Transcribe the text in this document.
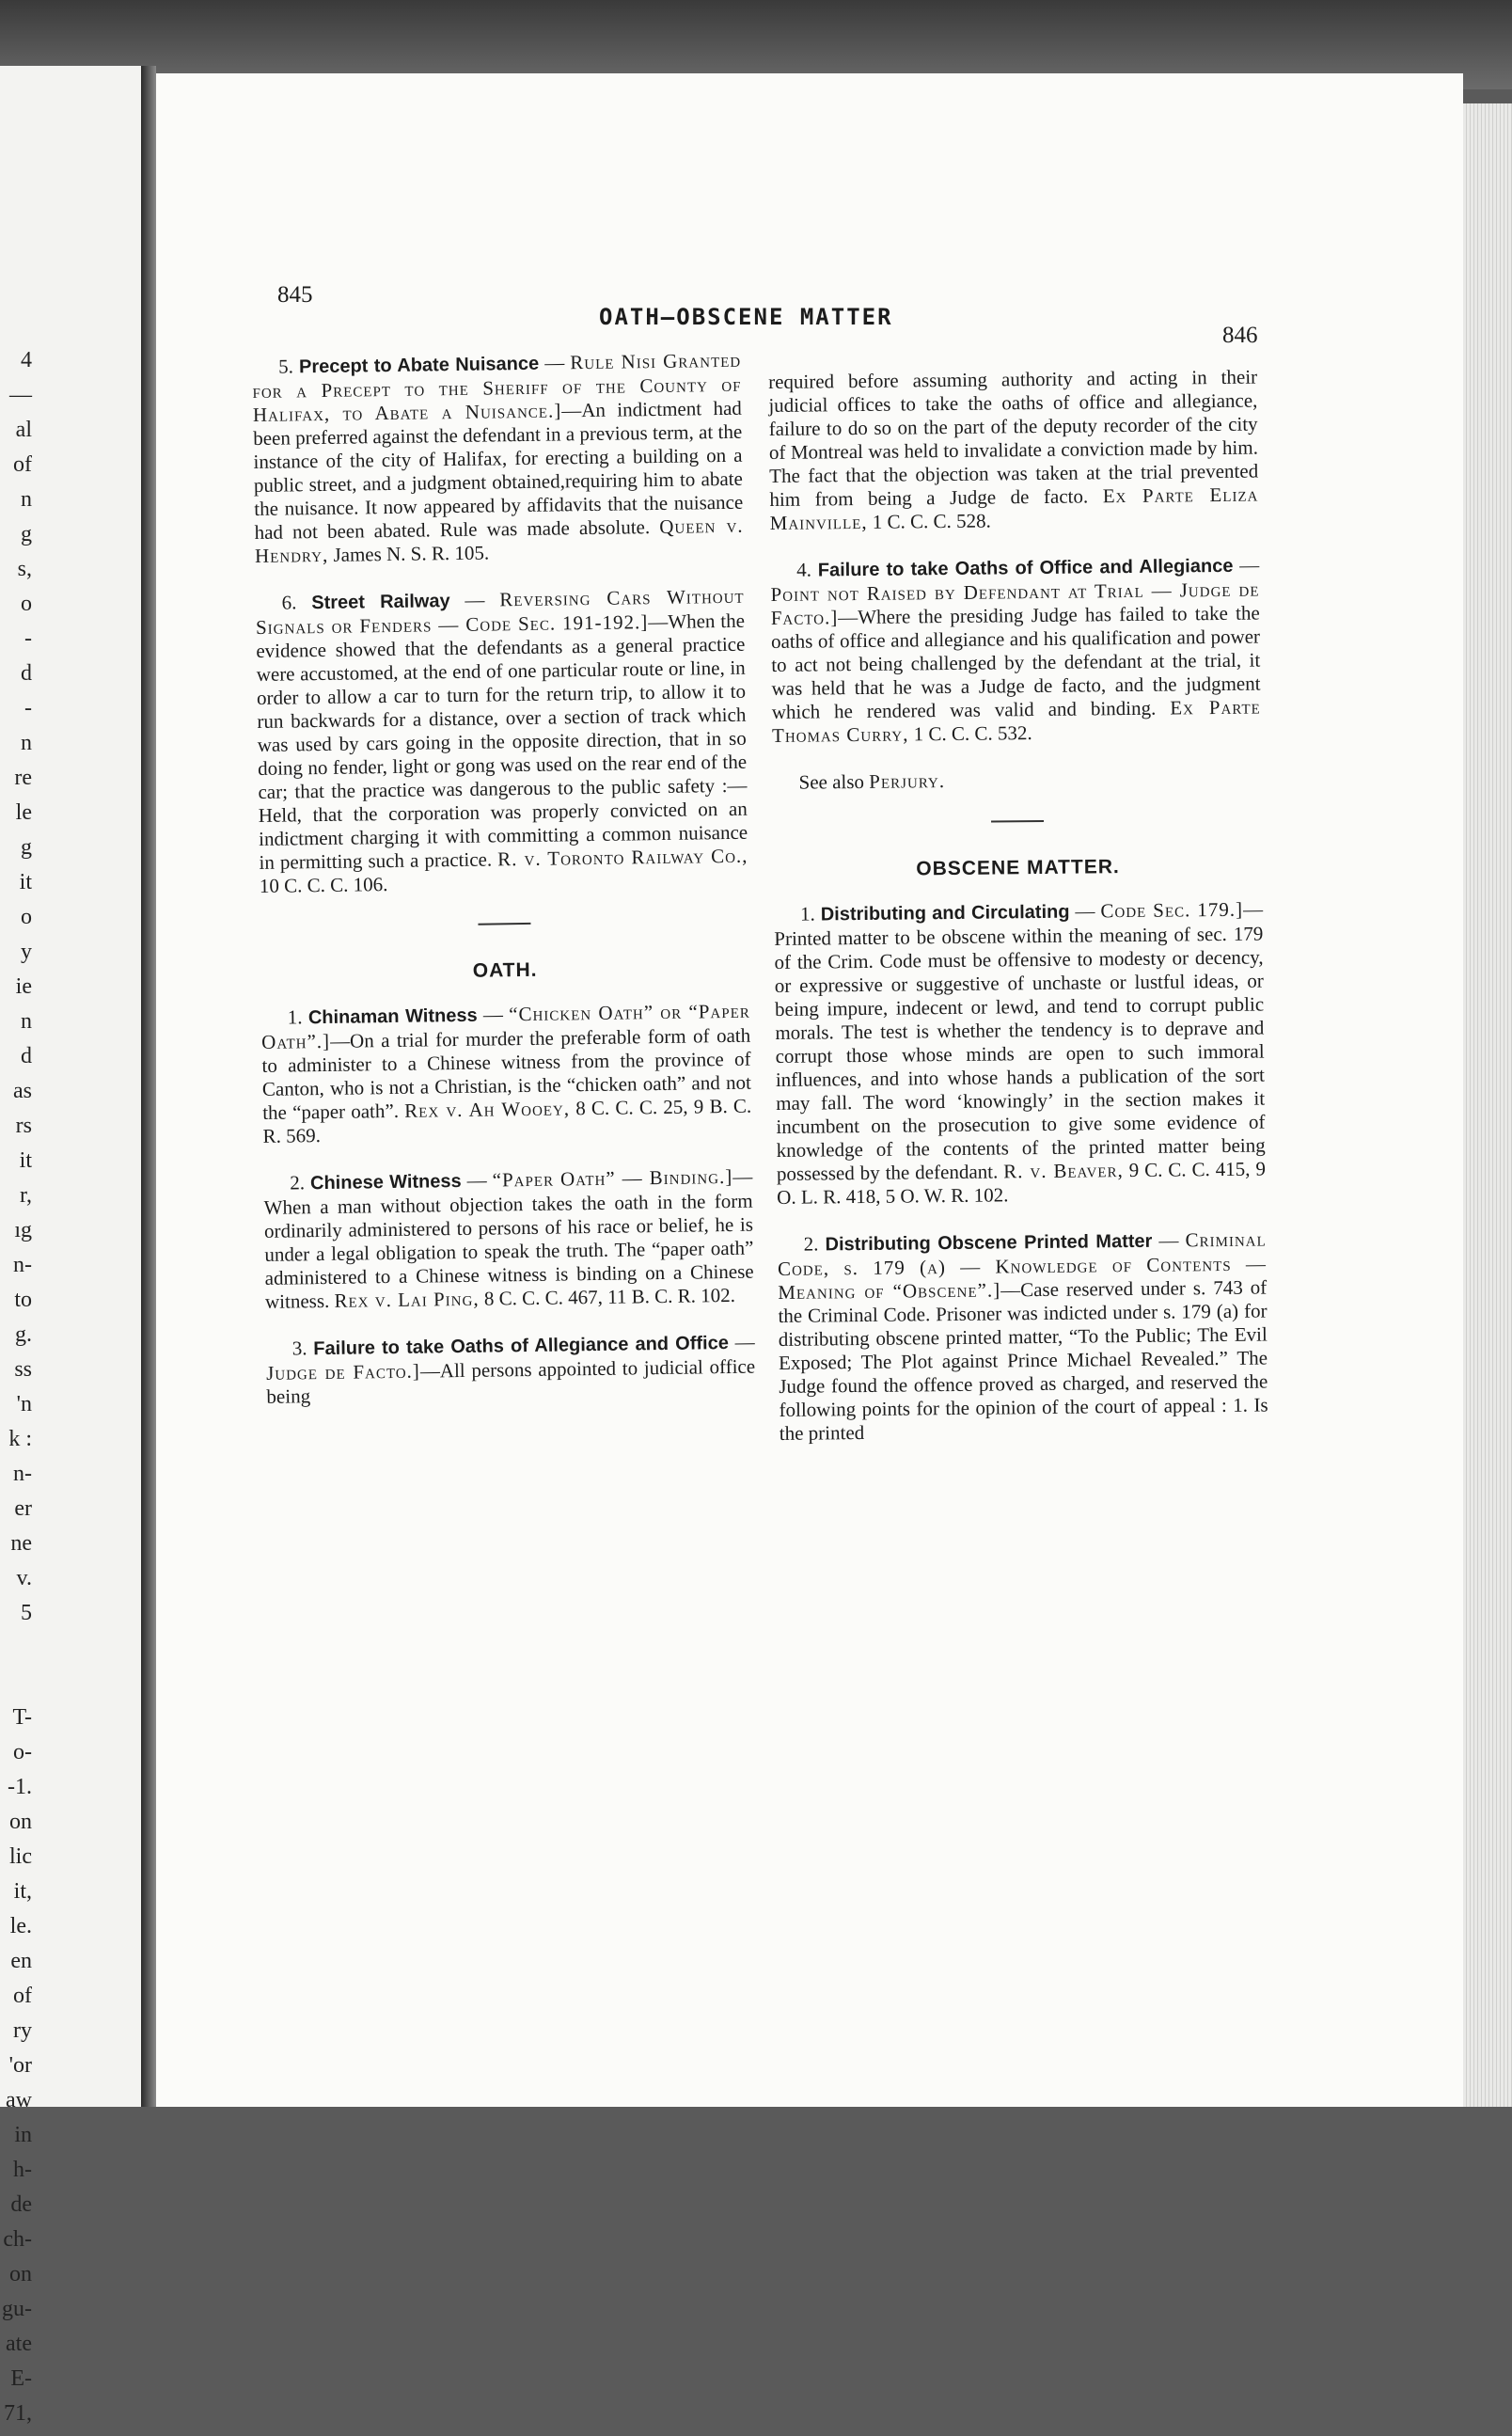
4
—
al
of
n
g
s,
o
-
d
-
n
re
le
g
it
o
y
ie
n
d
as
rs
it
r,
ıg
n-
to
g.
ss
'n
k :
n-
er
ne
v.
5
T-
o-
-1.
on
lic
it,
le.
en
of
ry
'or
aw
in
h-
de
ch-
on
gu-
ate
E-
71,
845
OATH—OBSCENE MATTER
846

5. Precept to Abate Nuisance — Rule Nisi Granted for a Precept to the Sheriff of the County of Halifax, to Abate a Nuisance.]—An indictment had been preferred against the defendant in a previous term, at the instance of the city of Halifax, for erecting a building on a public street, and a judgment obtained,requiring him to abate the nuisance. It now appeared by affidavits that the nuisance had not been abated. Rule was made absolute. Queen v. Hendry, James N. S. R. 105.

6. Street Railway — Reversing Cars Without Signals or Fenders — Code Sec. 191-192.]—When the evidence showed that the defendants as a general practice were accustomed, at the end of one particular route or line, in order to allow a car to turn for the return trip, to allow it to run backwards for a distance, over a section of track which was used by cars going in the opposite direction, that in so doing no fender, light or gong was used on the rear end of the car; that the practice was dangerous to the public safety :—Held, that the corporation was properly convicted on an indictment charging it with committing a common nuisance in permitting such a practice. R. v. Toronto Railway Co., 10 C. C. C. 106.

OATH.

1. Chinaman Witness — “Chicken Oath” or “Paper Oath”.]—On a trial for murder the preferable form of oath to administer to a Chinese witness from the province of Canton, who is not a Christian, is the “chicken oath” and not the “paper oath”. Rex v. Ah Wooey, 8 C. C. C. 25, 9 B. C. R. 569.

2. Chinese Witness — “Paper Oath” — Binding.]—When a man without objection takes the oath in the form ordinarily administered to persons of his race or belief, he is under a legal obligation to speak the truth. The “paper oath” administered to a Chinese witness is binding on a Chinese witness. Rex v. Lai Ping, 8 C. C. C. 467, 11 B. C. R. 102.

3. Failure to take Oaths of Allegiance and Office — Judge de Facto.]—All persons appointed to judicial office being

required before assuming authority and acting in their judicial offices to take the oaths of office and allegiance, failure to do so on the part of the deputy recorder of the city of Montreal was held to invalidate a conviction made by him. The fact that the objection was taken at the trial prevented him from being a Judge de facto. Ex Parte Eliza Mainville, 1 C. C. C. 528.

4. Failure to take Oaths of Office and Allegiance — Point not Raised by Defendant at Trial — Judge de Facto.]—Where the presiding Judge has failed to take the oaths of office and allegiance and his qualification and power to act not being challenged by the defendant at the trial, it was held that he was a Judge de facto, and the judgment which he rendered was valid and binding. Ex Parte Thomas Curry, 1 C. C. C. 532.

See also Perjury.

OBSCENE MATTER.

1. Distributing and Circulating — Code Sec. 179.]—Printed matter to be obscene within the meaning of sec. 179 of the Crim. Code must be offensive to modesty or decency, or expressive or suggestive of unchaste or lustful ideas, or being impure, indecent or lewd, and tend to corrupt public morals. The test is whether the tendency is to deprave and corrupt those whose minds are open to such immoral influences, and into whose hands a publication of the sort may fall. The word ‘knowingly’ in the section makes it incumbent on the prosecution to give some evidence of knowledge of the contents of the printed matter being possessed by the defendant. R. v. Beaver, 9 C. C. C. 415, 9 O. L. R. 418, 5 O. W. R. 102.

2. Distributing Obscene Printed Matter — Criminal Code, s. 179 (a) — Knowledge of Contents — Meaning of “Obscene”.]—Case reserved under s. 743 of the Criminal Code. Prisoner was indicted under s. 179 (a) for distributing obscene printed matter, “To the Public; The Evil Exposed; The Plot against Prince Michael Revealed.” The Judge found the offence proved as charged, and reserved the following points for the opinion of the court of appeal : 1. Is the printed
